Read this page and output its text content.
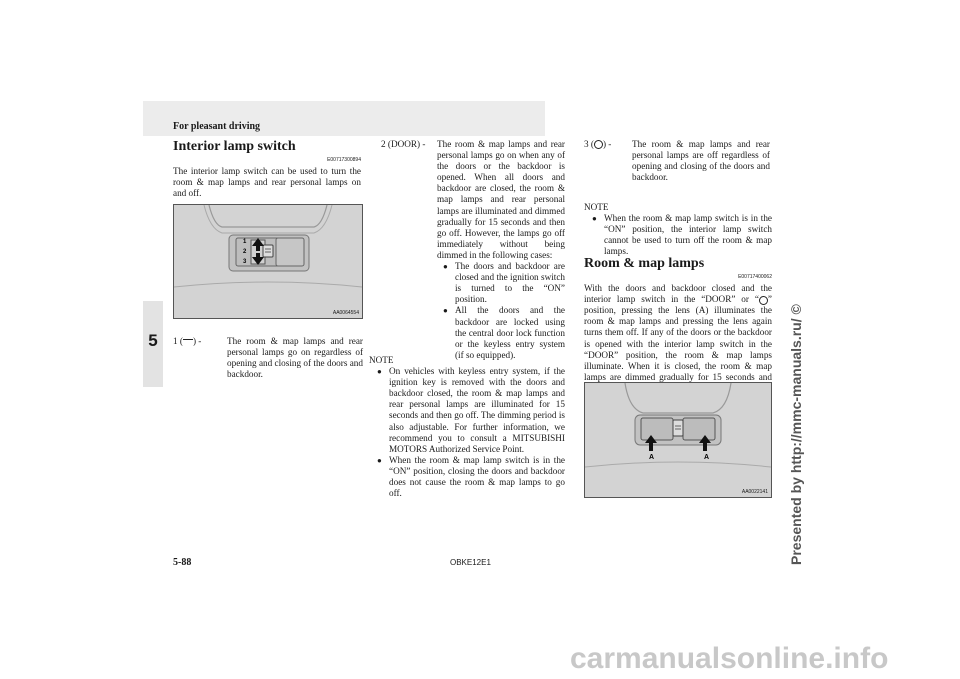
For pleasant driving
5
Interior lamp switch
E00717300894
The interior lamp switch can be used to turn the room & map lamps and rear personal lamps on and off.
1
2
3
AA0064554
1 ( ) -	The room & map lamps and rear personal lamps go on regardless of opening and closing of the doors and backdoor.
2 (DOOR) - The room & map lamps and rear personal lamps go on when any of the doors or the backdoor is opened. When all doors and backdoor are closed, the room & map lamps and rear personal lamps are illuminated and dimmed gradually for 15 seconds and then go off. However, the lamps go off immediately without being dimmed in the following cases:
● The doors and backdoor are closed and the ignition switch is turned to the “ON” position.
● All the doors and the backdoor are locked using the central door lock function or the keyless entry system (if so equipped).
NOTE
● On vehicles with keyless entry system, if the ignition key is removed with the doors and backdoor closed, the room & map lamps and rear personal lamps are illuminated for 15 seconds and then go off. The dimming period is also adjustable. For further information, we recommend you to consult a MITSUBISHI MOTORS Authorized Service Point.
● When the room & map lamp switch is in the “ON” position, closing the doors and backdoor does not cause the room & map lamps to go off.
3 ( ) - The room & map lamps and rear personal lamps are off regardless of opening and closing of the doors and backdoor.
NOTE
● When the room & map lamp switch is in the “ON” position, the interior lamp switch cannot be used to turn off the room & map lamps.
Room & map lamps
E00717400062
With the doors and backdoor closed and the interior lamp switch in the “DOOR” or “ ” position, pressing the lens (A) illuminates the room & map lamps and pressing the lens again turns them off. If any of the doors or the backdoor is opened with the interior lamp switch in the “DOOR” position, the room & map lamps illuminate. When it is closed, the room & map lamps are dimmed gradually for 15 seconds and
A	A
AA0022141
5-88	OBKE12E1	Presented by http://mmc-manuals.ru/ ©
carmanualsonline.info
